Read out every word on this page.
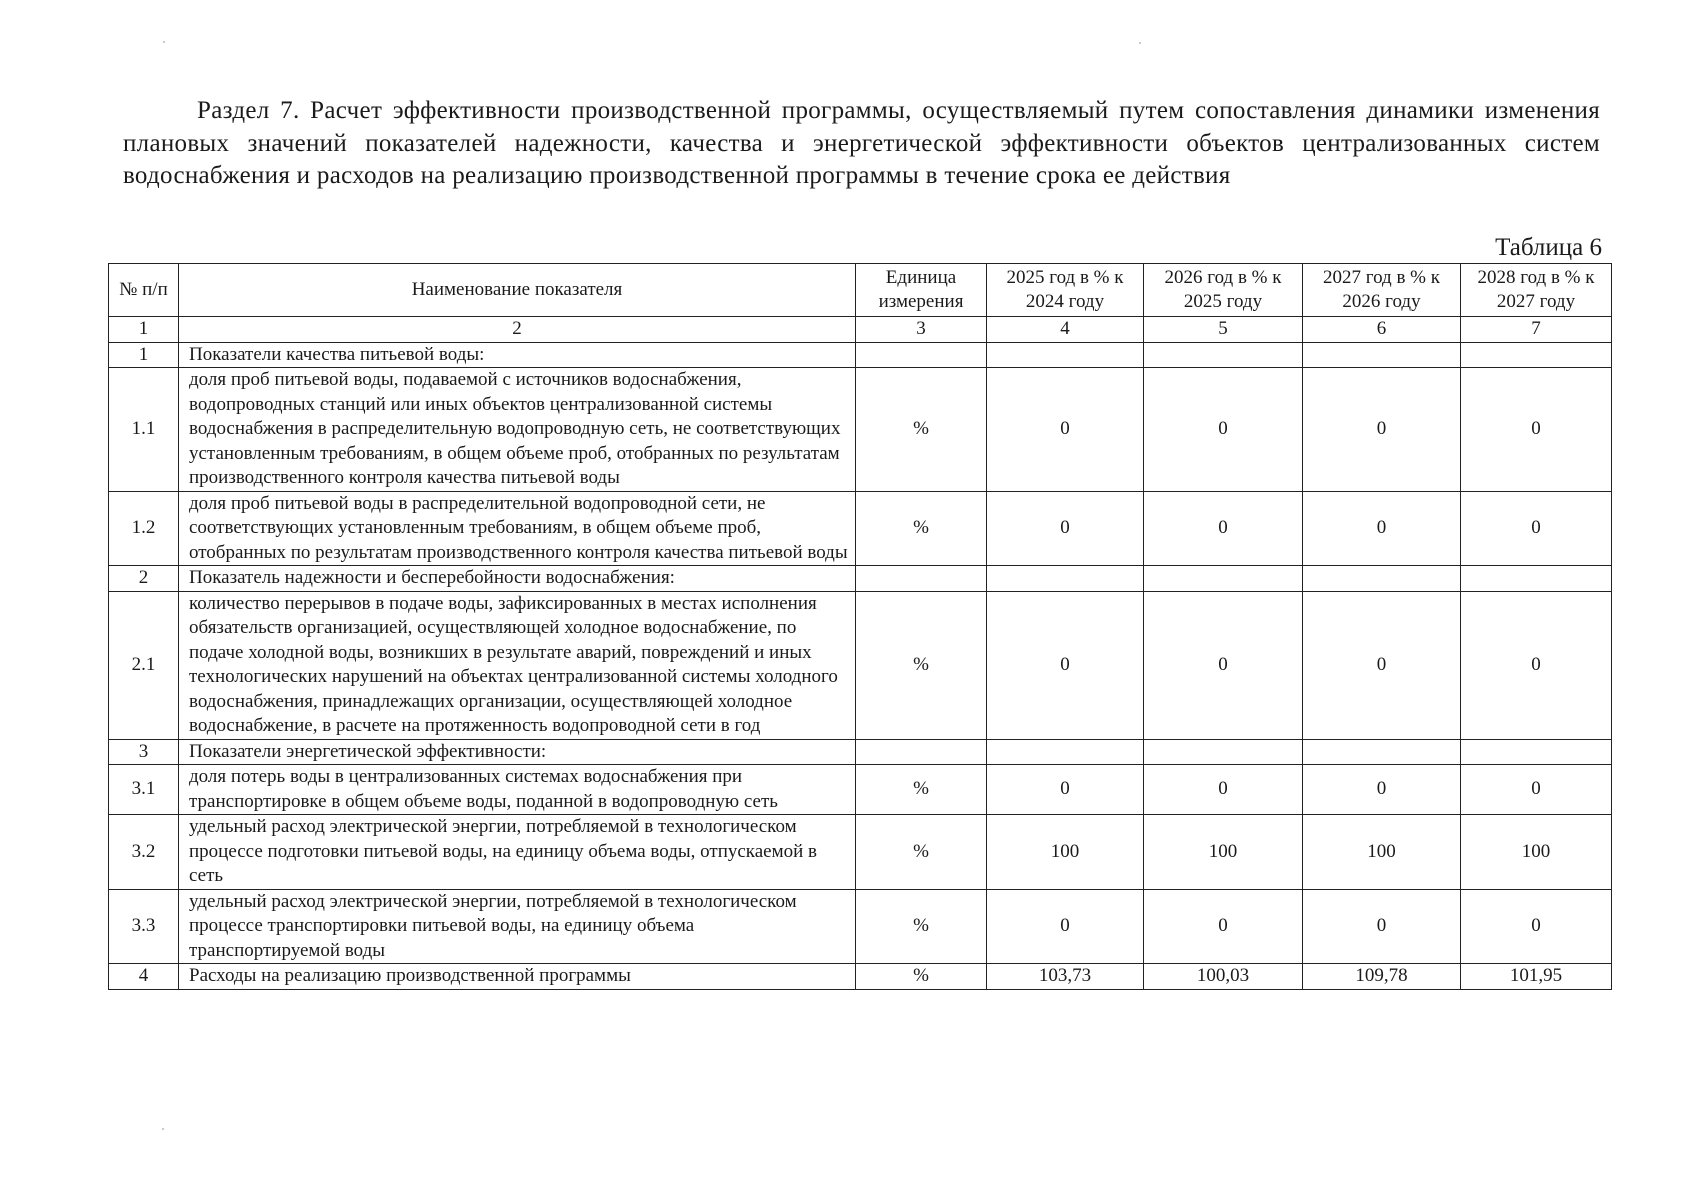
Раздел 7. Расчет эффективности производственной программы, осуществляемый путем сопоставления динамики изменения плановых значений показателей надежности, качества и энергетической эффективности объектов централизованных систем водоснабжения и расходов на реализацию производственной программы в течение срока ее действия
Таблица 6
№ п/п	Наименование показателя	Единица измерения	2025 год в % к 2024 году	2026 год в % к 2025 году	2027 год в % к 2026 году	2028 год в % к 2027 году
1	2	3	4	5	6	7
1	Показатели качества питьевой воды:					
1.1	доля проб питьевой воды, подаваемой с источников водоснабжения, водопроводных станций или иных объектов централизованной системы водоснабжения в распределительную водопроводную сеть, не соответствующих установленным требованиям, в общем объеме проб, отобранных по результатам производственного контроля качества питьевой воды	%	0	0	0	0
1.2	доля проб питьевой воды в распределительной водопроводной сети, не соответствующих установленным требованиям, в общем объеме проб, отобранных по результатам производственного контроля качества питьевой воды	%	0	0	0	0
2	Показатель надежности и бесперебойности водоснабжения:					
2.1	количество перерывов в подаче воды, зафиксированных в местах исполнения обязательств организацией, осуществляющей холодное водоснабжение, по подаче холодной воды, возникших в результате аварий, повреждений и иных технологических нарушений на объектах централизованной системы холодного водоснабжения, принадлежащих организации, осуществляющей холодное водоснабжение, в расчете на протяженность водопроводной сети в год	%	0	0	0	0
3	Показатели энергетической эффективности:					
3.1	доля потерь воды в централизованных системах водоснабжения при транспортировке в общем объеме воды, поданной в водопроводную сеть	%	0	0	0	0
3.2	удельный расход электрической энергии, потребляемой в технологическом процессе подготовки питьевой воды, на единицу объема воды, отпускаемой в сеть	%	100	100	100	100
3.3	удельный расход электрической энергии, потребляемой в технологическом процессе транспортировки питьевой воды, на единицу объема транспортируемой воды	%	0	0	0	0
4	Расходы на реализацию производственной программы	%	103,73	100,03	109,78	101,95
